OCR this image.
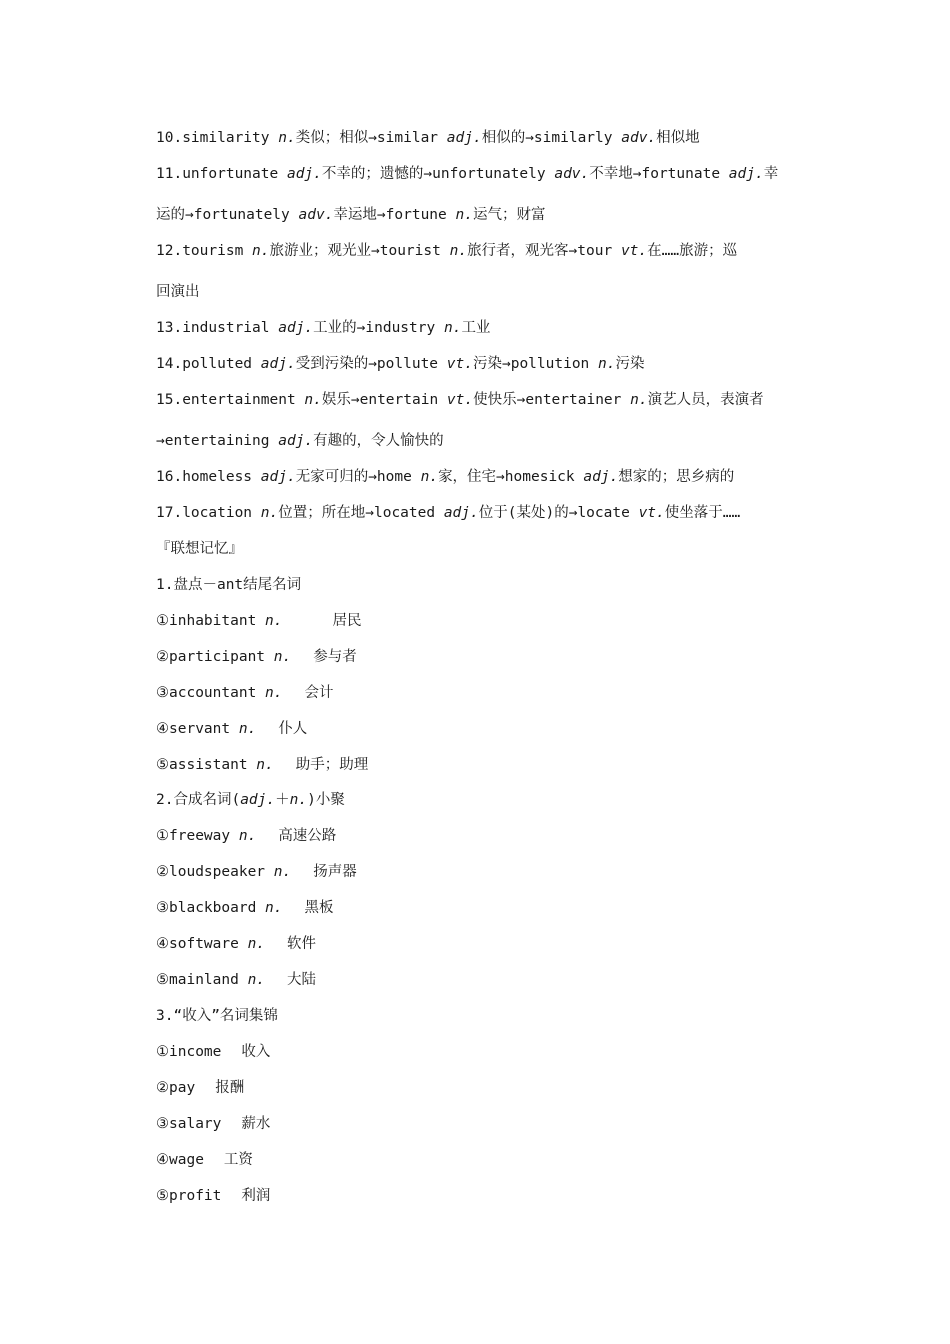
10.similarity n.类似；相似→similar adj.相似的→similarly adv.相似地
11.unfortunate adj.不幸的；遗憾的→unfortunately adv.不幸地→fortunate adj.幸
运的→fortunately adv.幸运地→fortune n.运气；财富
12.tourism n.旅游业；观光业→tourist n.旅行者，观光客→tour vt.在……旅游；巡
回演出
13.industrial adj.工业的→industry n.工业
14.polluted adj.受到污染的→pollute vt.污染→pollution n.污染
15.entertainment n.娱乐→entertain vt.使快乐→entertainer n.演艺人员，表演者
→entertaining adj.有趣的，令人愉快的
16.homeless adj.无家可归的→home n.家，住宅→homesick adj.想家的；思乡病的
17.location n.位置；所在地→located adj.位于(某处)的→locate vt.使坐落于……
『联想记忆』
1.盘点－ant结尾名词
①inhabitant n.	居民
②participant n. 参与者
③accountant n. 会计
④servant n. 仆人
⑤assistant n. 助手；助理
2.合成名词(adj.＋n.)小聚
①freeway n. 高速公路
②loudspeaker n. 扬声器
③blackboard n. 黑板
④software n. 软件
⑤mainland n. 大陆
3.“收入”名词集锦
①income 收入
②pay 报酬
③salary 薪水
④wage 工资
⑤profit 利润
